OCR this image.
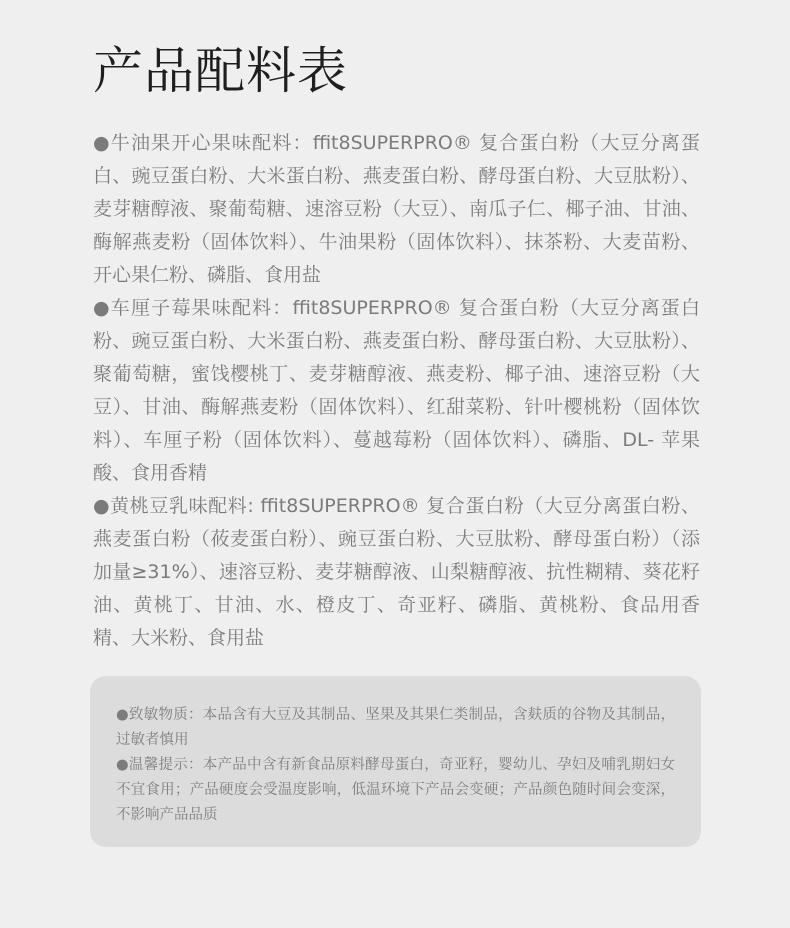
产品配料表

●牛油果开心果味配料：ffit8SUPERPRO® 复合蛋白粉（大豆分离蛋白、豌豆蛋白粉、大米蛋白粉、燕麦蛋白粉、酵母蛋白粉、大豆肽粉）、麦芽糖醇液、聚葡萄糖、速溶豆粉（大豆）、南瓜子仁、椰子油、甘油、酶解燕麦粉（固体饮料）、牛油果粉（固体饮料）、抹茶粉、大麦苗粉、开心果仁粉、磷脂、食用盐

●车厘子莓果味配料：ffit8SUPERPRO® 复合蛋白粉（大豆分离蛋白粉、豌豆蛋白粉、大米蛋白粉、燕麦蛋白粉、酵母蛋白粉、大豆肽粉）、聚葡萄糖，蜜饯樱桃丁、麦芽糖醇液、燕麦粉、椰子油、速溶豆粉（大豆）、甘油、酶解燕麦粉（固体饮料）、红甜菜粉、针叶樱桃粉（固体饮料）、车厘子粉（固体饮料）、蔓越莓粉（固体饮料）、磷脂、DL- 苹果酸、食用香精

●黄桃豆乳味配料: ffit8SUPERPRO® 复合蛋白粉（大豆分离蛋白粉、燕麦蛋白粉（莜麦蛋白粉）、豌豆蛋白粉、大豆肽粉、酵母蛋白粉）（添加量≥31%）、速溶豆粉、麦芽糖醇液、山梨糖醇液、抗性糊精、葵花籽油、黄桃丁、甘油、水、橙皮丁、奇亚籽、磷脂、黄桃粉、食品用香精、大米粉、食用盐

●致敏物质：本品含有大豆及其制品、坚果及其果仁类制品，含麸质的谷物及其制品，过敏者慎用

●温馨提示：本产品中含有新食品原料酵母蛋白，奇亚籽，婴幼儿、孕妇及哺乳期妇女不宜食用；产品硬度会受温度影响，低温环境下产品会变硬；产品颜色随时间会变深，不影响产品品质
